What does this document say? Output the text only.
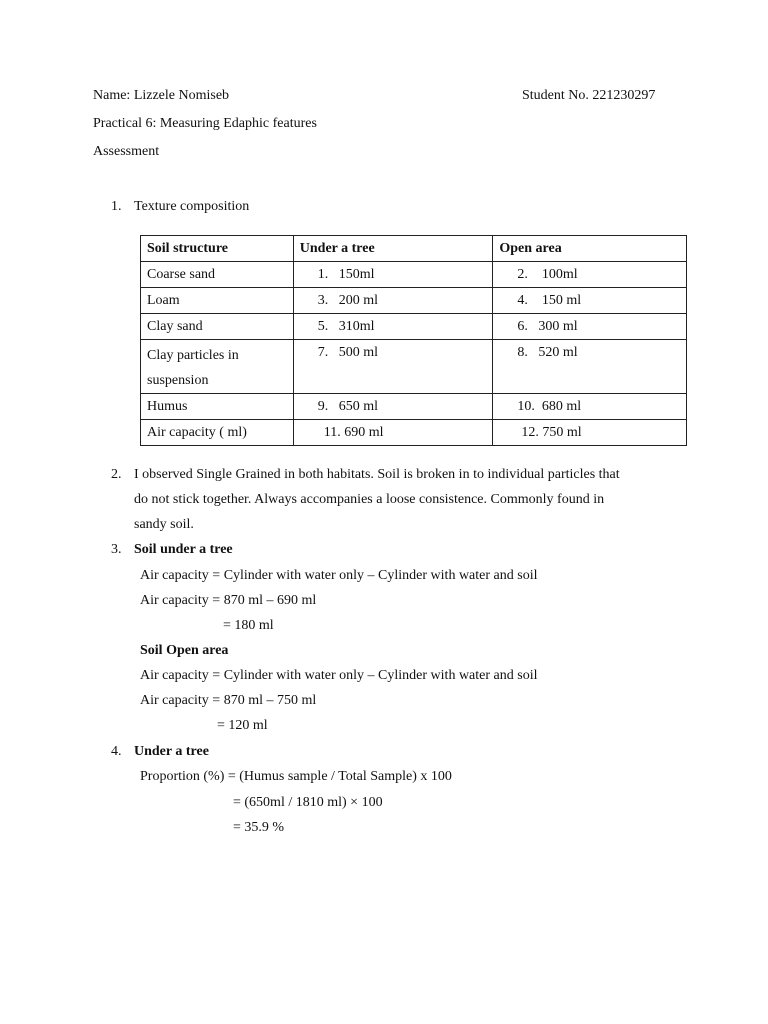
Name: Lizzele Nomiseb	Student No. 221230297
Practical 6: Measuring Edaphic features
Assessment
1. Texture composition
Soil structure	Under a tree	Open area
Coarse sand	1.   150ml	2.    100ml
Loam	3.   200 ml	4.    150 ml
Clay sand	5.   310ml	6.   300 ml
Clay particles in suspension	7.   500 ml	8.   520 ml
Humus	9.   650 ml	10.  680 ml
Air capacity ( ml)	11. 690 ml	12. 750 ml
2. I observed Single Grained in both habitats. Soil is broken in to individual particles that
do not stick together. Always accompanies a loose consistence. Commonly found in
sandy soil.
3. Soil under a tree
Air capacity = Cylinder with water only – Cylinder with water and soil
Air capacity = 870 ml – 690 ml
= 180 ml
Soil Open area
Air capacity = Cylinder with water only – Cylinder with water and soil
Air capacity = 870 ml – 750 ml
= 120 ml
4. Under a tree
Proportion (%) = (Humus sample / Total Sample) x 100
= (650ml / 1810 ml) × 100
= 35.9 %
